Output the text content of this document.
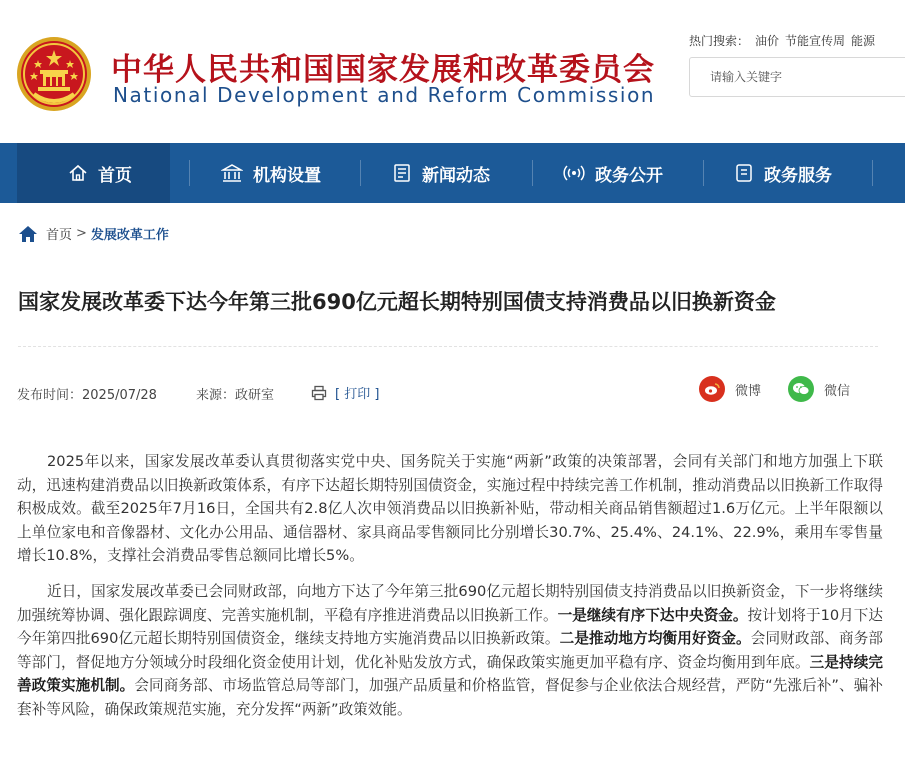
中华人民共和国国家发展和改革委员会
National Development and Reform Commission
热门搜索： 油价 节能宣传周 能源
请输入关键字
首页	机构设置	新闻动态	政务公开	政务服务
首页 > 发展改革工作
国家发展改革委下达今年第三批690亿元超长期特别国债支持消费品以旧换新资金
发布时间：2025/07/28	来源：政研室	[ 打印 ]	微博	微信

2025年以来，国家发展改革委认真贯彻落实党中央、国务院关于实施“两新”政策的决策部署，会同有关部门和地方加强上下联动，迅速构建消费品以旧换新政策体系，有序下达超长期特别国债资金，实施过程中持续完善工作机制，推动消费品以旧换新工作取得积极成效。截至2025年7月16日，全国共有2.8亿人次申领消费品以旧换新补贴，带动相关商品销售额超过1.6万亿元。上半年限额以上单位家电和音像器材、文化办公用品、通信器材、家具商品零售额同比分别增长30.7%、25.4%、24.1%、22.9%，乘用车零售量增长10.8%，支撑社会消费品零售总额同比增长5%。

近日，国家发展改革委已会同财政部，向地方下达了今年第三批690亿元超长期特别国债支持消费品以旧换新资金，下一步将继续加强统筹协调、强化跟踪调度、完善实施机制，平稳有序推进消费品以旧换新工作。一是继续有序下达中央资金。按计划将于10月下达今年第四批690亿元超长期特别国债资金，继续支持地方实施消费品以旧换新政策。二是推动地方均衡用好资金。会同财政部、商务部等部门，督促地方分领域分时段细化资金使用计划，优化补贴发放方式，确保政策实施更加平稳有序、资金均衡用到年底。三是持续完善政策实施机制。会同商务部、市场监管总局等部门，加强产品质量和价格监管，督促参与企业依法合规经营，严防“先涨后补”、骗补套补等风险，确保政策规范实施，充分发挥“两新”政策效能。
